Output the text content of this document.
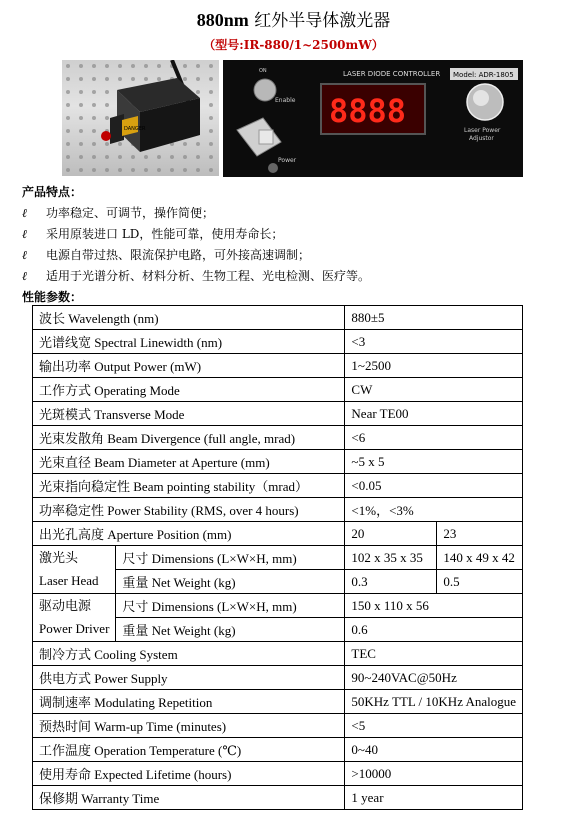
880nm 红外半导体激光器
（型号:IR-880/1~2500mW）
DANGER
LASER DIODE CONTROLLER Model: ADR-1805
8888
ON
Enable
Power
Laser Power
Adjustor
产品特点：
ℓ 功率稳定、可调节，操作简便；
ℓ 采用原装进口 LD，性能可靠，使用寿命长；
ℓ 电源自带过热、限流保护电路，可外接高速调制；
ℓ 适用于光谱分析、材料分析、生物工程、光电检测、医疗等。
性能参数：
波长 Wavelength (nm)		880±5	
光谱线宽 Spectral Linewidth (nm)		<3	
输出功率 Output Power (mW)		1~2500	
工作方式 Operating Mode		CW	
光斑模式 Transverse Mode		Near TE00	
光束发散角 Beam Divergence (full angle, mrad)		<6	
光束直径 Beam Diameter at Aperture (mm)		~5 x 5	
光束指向稳定性 Beam pointing stability（mrad）		<0.05	
功率稳定性 Power Stability (RMS, over 4 hours)		<1%，<3%	
出光孔高度 Aperture Position (mm)		20	23

激光头
Laser Head	尺寸 Dimensions (L×W×H, mm)	102 x 35 x 35	140 x 49 x 42
	重量 Net Weight (kg)	0.3	0.5

驱动电源
Power Driver	尺寸 Dimensions (L×W×H, mm)	150 x 110 x 56	
	重量 Net Weight (kg)	0.6	
制冷方式 Cooling System		TEC	
供电方式 Power Supply		90~240VAC@50Hz	
调制速率 Modulating Repetition		50KHz TTL / 10KHz Analogue	
预热时间 Warm-up Time (minutes)		<5	
工作温度 Operation Temperature (℃)		0~40	
使用寿命 Expected Lifetime (hours)		>10000	
保修期 Warranty Time		1 year	
